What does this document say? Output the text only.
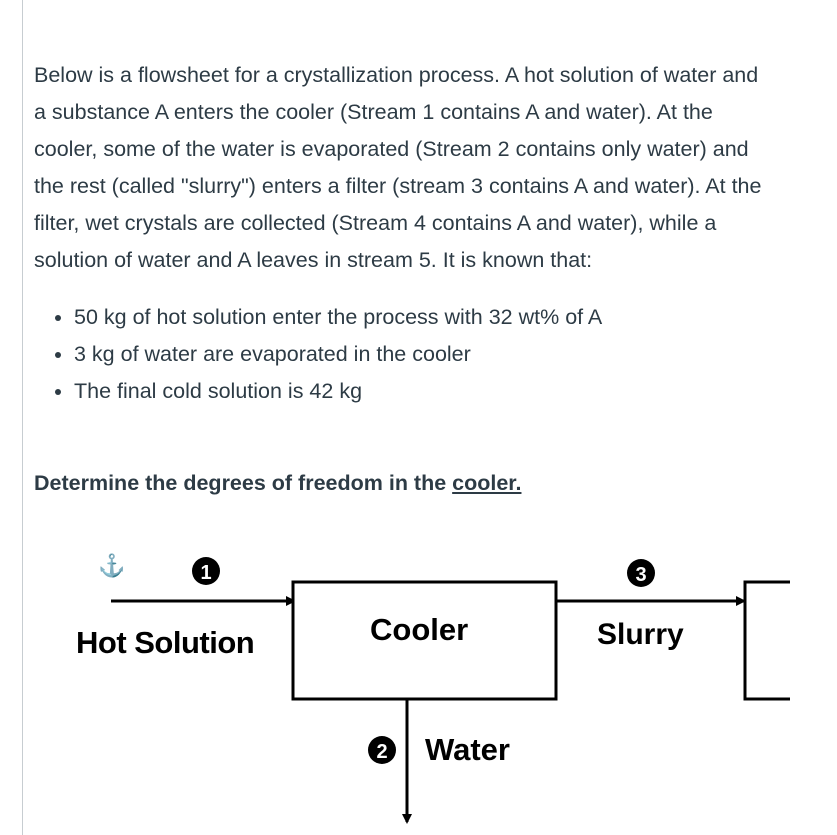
Below is a flowsheet for a crystallization process. A hot solution of water and a substance A enters the cooler (Stream 1 contains A and water). At the cooler, some of the water is evaporated (Stream 2 contains only water) and the rest (called "slurry") enters a filter (stream 3 contains A and water). At the filter, wet crystals are collected (Stream 4 contains A and water), while a solution of water and A leaves in stream 5. It is known that:

• 50 kg of hot solution enter the process with 32 wt% of A
• 3 kg of water are evaporated in the cooler
• The final cold solution is 42 kg
Determine the degrees of freedom in the cooler.
⚓	1	3
2
Hot Solution	Cooler	Slurry
Water
